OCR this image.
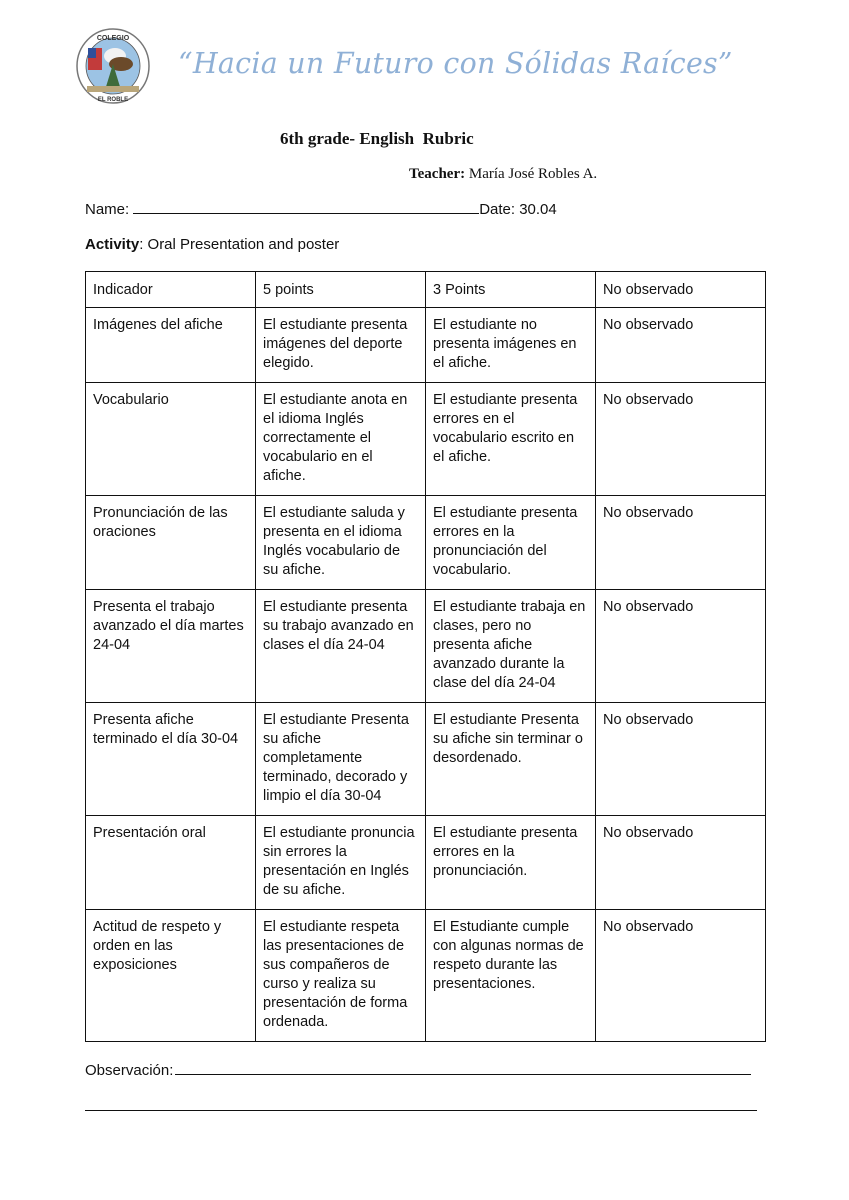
COLEGIO
EL ROBLE
“Hacia un Futuro con Sólidas Raíces”
6th grade- English  Rubric
Teacher: María José Robles A.
Name:	Date: 30.04
Activity: Oral Presentation and poster
Indicador	5 points	3 Points	No observado
Imágenes del afiche	El estudiante presenta imágenes del deporte elegido.	El estudiante no presenta imágenes en el afiche.	No observado
Vocabulario	El estudiante anota en el idioma Inglés correctamente el vocabulario en el afiche.	El estudiante presenta errores en el vocabulario escrito en el afiche.	No observado
Pronunciación de las oraciones	El estudiante saluda y presenta en el idioma Inglés vocabulario de su afiche.	El estudiante presenta errores en la pronunciación del vocabulario.	No observado
Presenta el trabajo avanzado el día martes 24-04	El estudiante presenta su trabajo avanzado en clases el día 24-04	El estudiante trabaja en clases, pero no presenta afiche avanzado durante la clase del día 24-04	No observado
Presenta afiche terminado el día 30-04	El estudiante Presenta su afiche completamente terminado, decorado y limpio el día 30-04	El estudiante Presenta su afiche sin terminar o desordenado.	No observado
Presentación oral	El estudiante pronuncia sin errores la presentación en Inglés de su afiche.	El estudiante presenta errores en la pronunciación.	No observado
Actitud de respeto y orden en las exposiciones	El estudiante respeta las presentaciones de sus compañeros de curso y realiza su presentación de forma ordenada.	El Estudiante cumple con algunas normas de respeto durante las presentaciones.	No observado
Observación:
